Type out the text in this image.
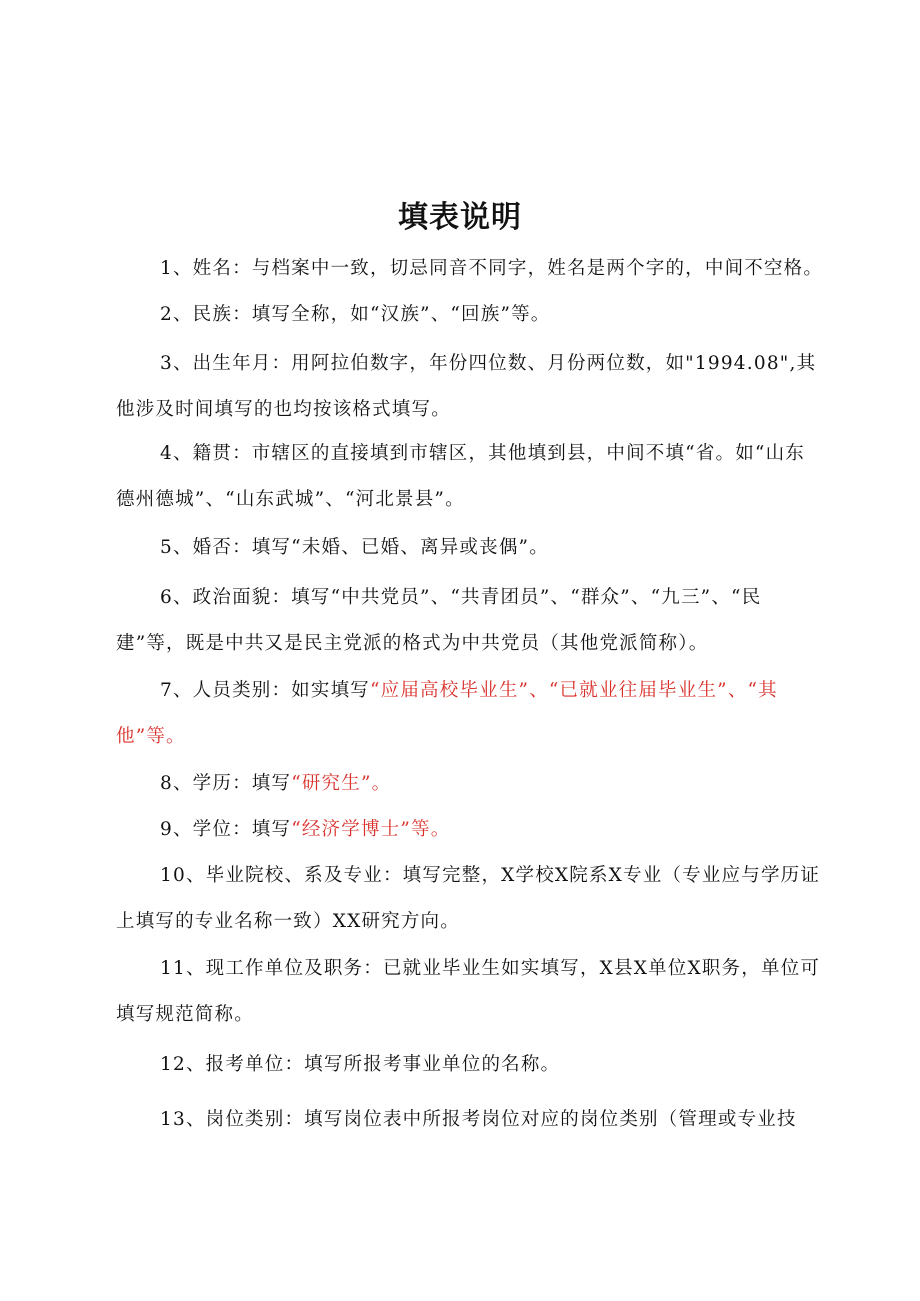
填表说明

1、姓名：与档案中一致，切忌同音不同字，姓名是两个字的，中间不空格。

2、民族：填写全称，如“汉族”、“回族”等。

3、出生年月：用阿拉伯数字，年份四位数、月份两位数，如"1994.08",其他涉及时间填写的也均按该格式填写。

4、籍贯：市辖区的直接填到市辖区，其他填到县，中间不填“省。如“山东德州德城”、“山东武城”、“河北景县”。

5、婚否：填写“未婚、已婚、离异或丧偶”。

6、政治面貌：填写“中共党员”、“共青团员”、“群众”、“九三”、“民建”等，既是中共又是民主党派的格式为中共党员（其他党派简称）。

7、人员类别：如实填写“应届高校毕业生”、“已就业往届毕业生”、“其他”等。

8、学历：填写“研究生”。

9、学位：填写“经济学博士”等。

10、毕业院校、系及专业：填写完整，X学校X院系X专业（专业应与学历证上填写的专业名称一致）XX研究方向。

11、现工作单位及职务：已就业毕业生如实填写，X县X单位X职务，单位可填写规范简称。

12、报考单位：填写所报考事业单位的名称。

13、岗位类别：填写岗位表中所报考岗位对应的岗位类别（管理或专业技
